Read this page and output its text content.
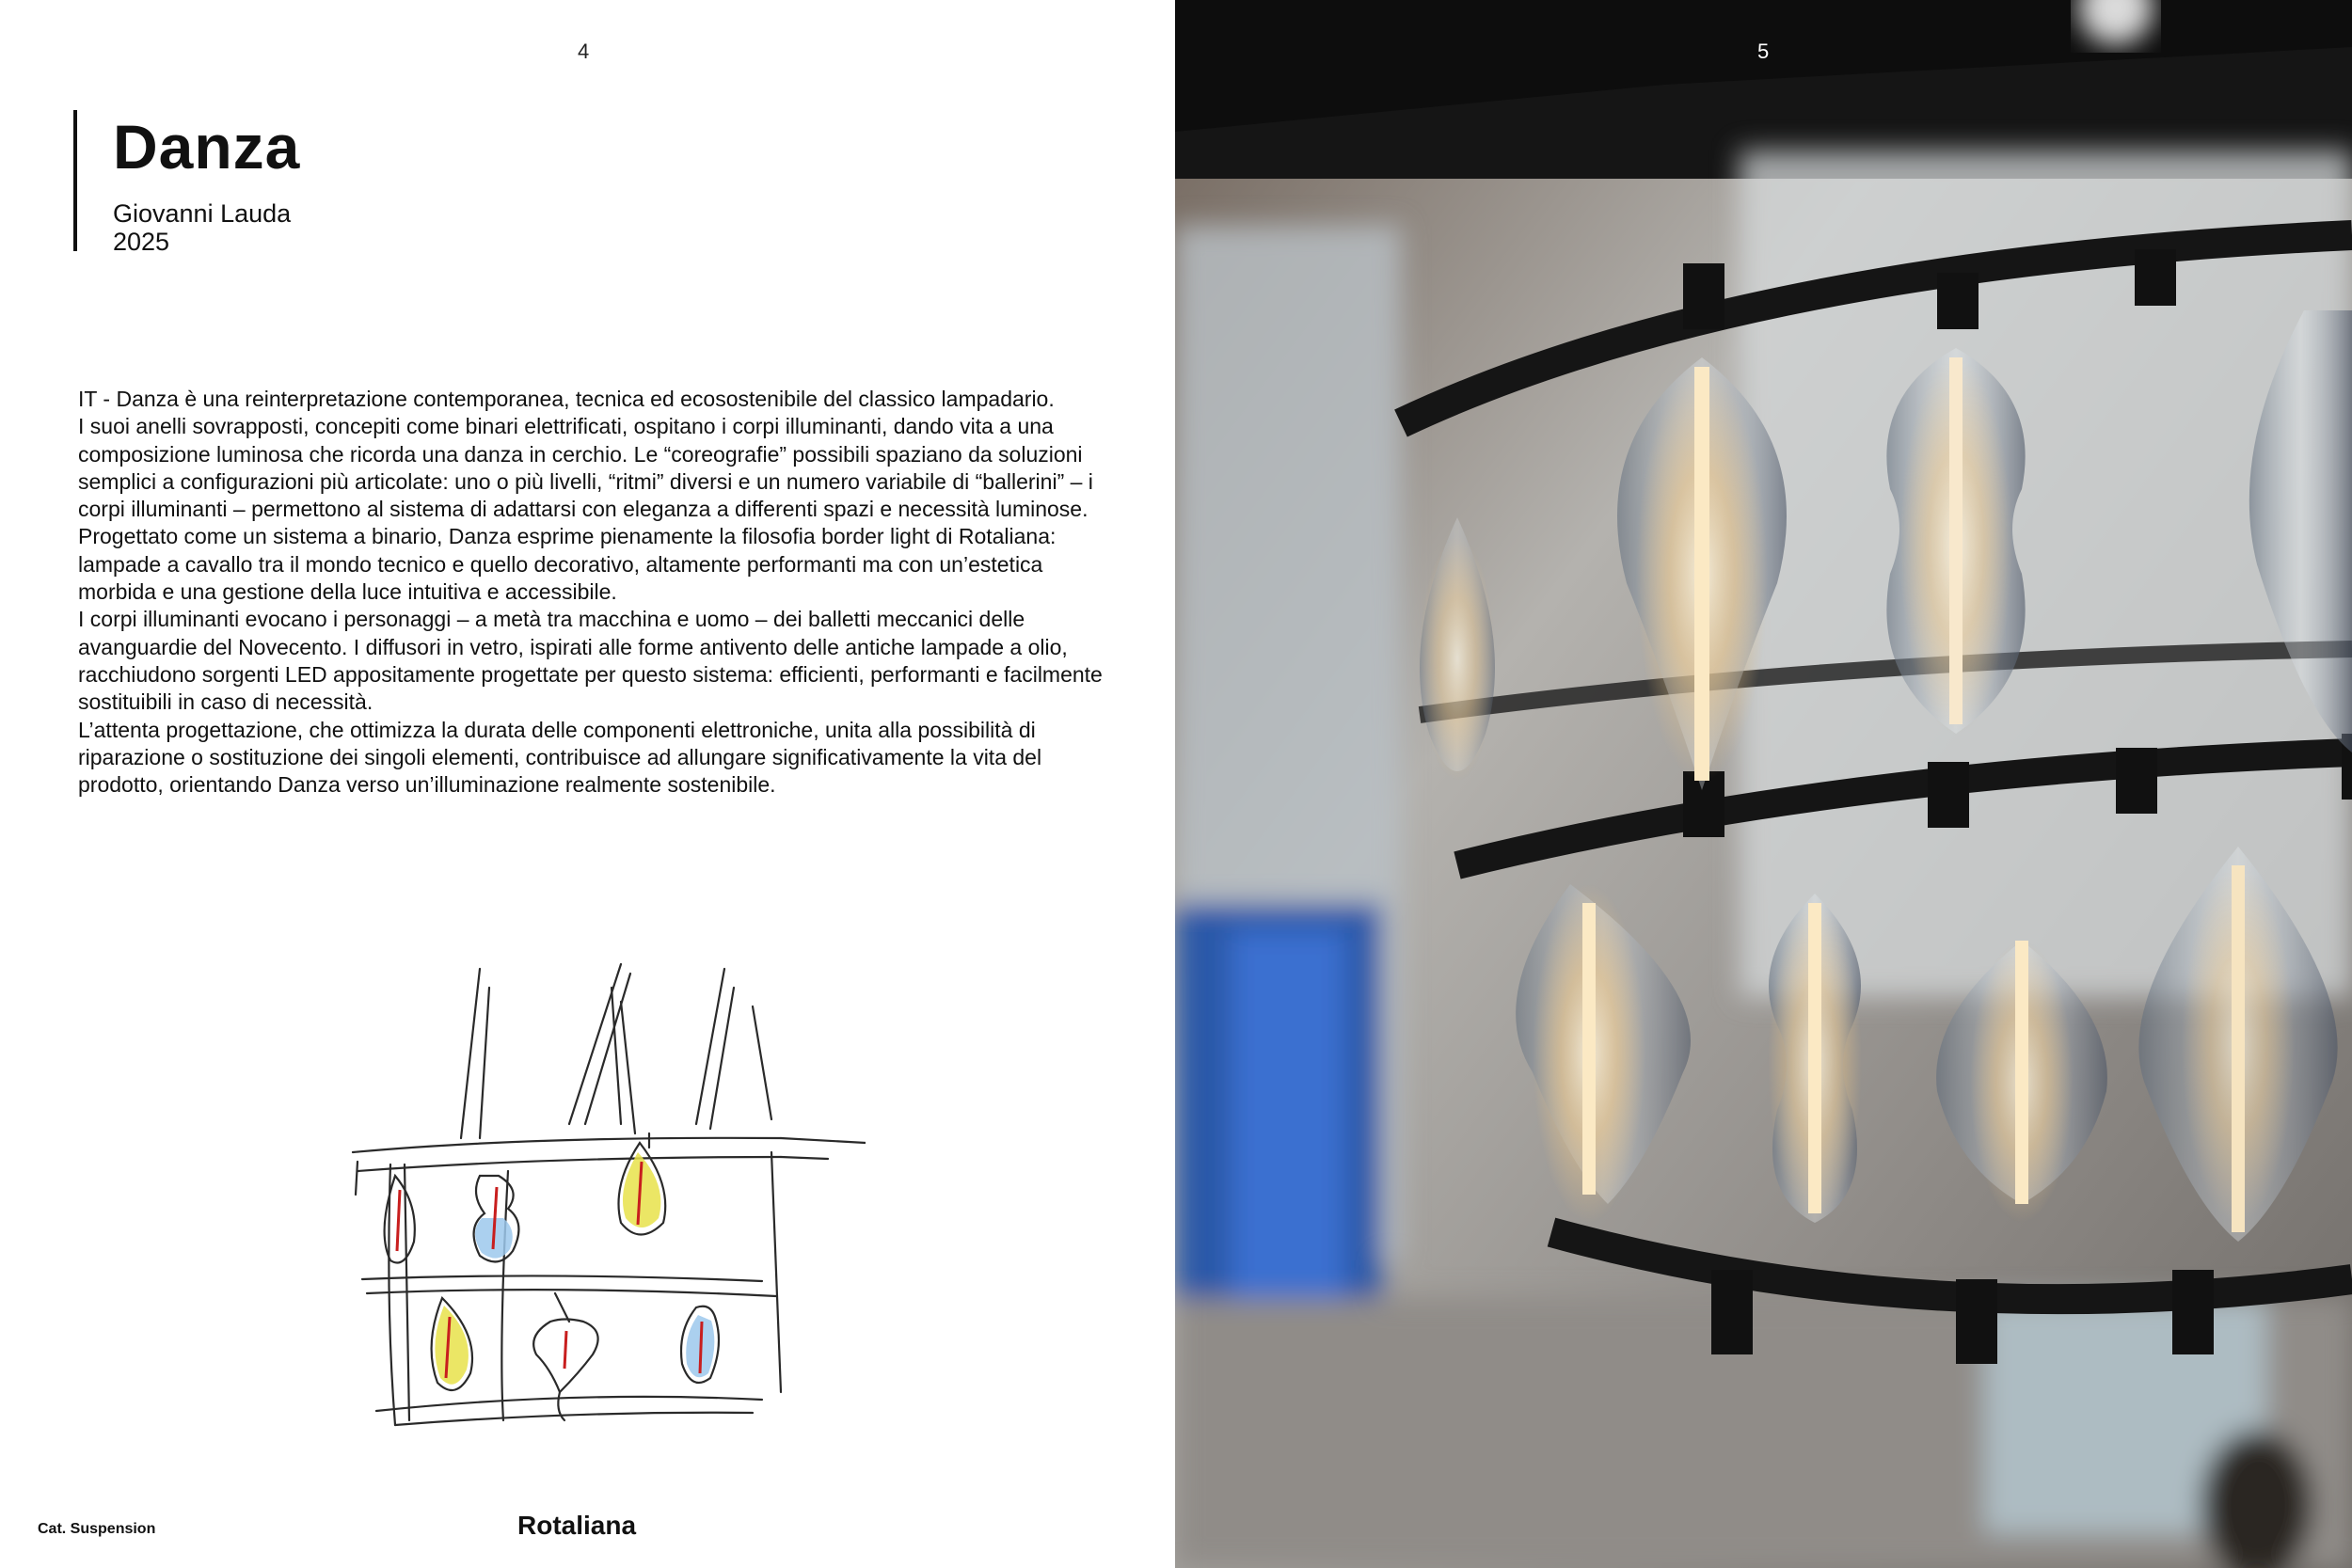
4
Danza
Giovanni Lauda
2025

IT - Danza è una reinterpretazione contemporanea, tecnica ed ecosostenibile del classico lampadario.

I suoi anelli sovrapposti, concepiti come binari elettrificati, ospitano i corpi illuminanti, dando vita a una composizione luminosa che ricorda una danza in cerchio. Le “coreografie” possibili spaziano da soluzioni semplici a configurazioni più articolate: uno o più livelli, “ritmi” diversi e un numero variabile di “ballerini” – i corpi illuminanti – permettono al sistema di adattarsi con eleganza a differenti spazi e necessità luminose.

Progettato come un sistema a binario, Danza esprime pienamente la filosofia border light di Rotaliana: lampade a cavallo tra il mondo tecnico e quello decorativo, altamente performanti ma con un’estetica morbida e una gestione della luce intuitiva e accessibile.

I corpi illuminanti evocano i personaggi – a metà tra macchina e uomo – dei balletti meccanici delle avanguardie del Novecento. I diffusori in vetro, ispirati alle forme antivento delle antiche lampade a olio, racchiudono sorgenti LED appositamente progettate per questo sistema: efficienti, performanti e facilmente sostituibili in caso di necessità.

L’attenta progettazione, che ottimizza la durata delle componenti elettroniche, unita alla possibilità di riparazione o sostituzione dei singoli elementi, contribuisce ad allungare significativamente la vita del prodotto, orientando Danza verso un’illuminazione realmente sostenibile.

Cat. Suspension	Rotaliana
5
